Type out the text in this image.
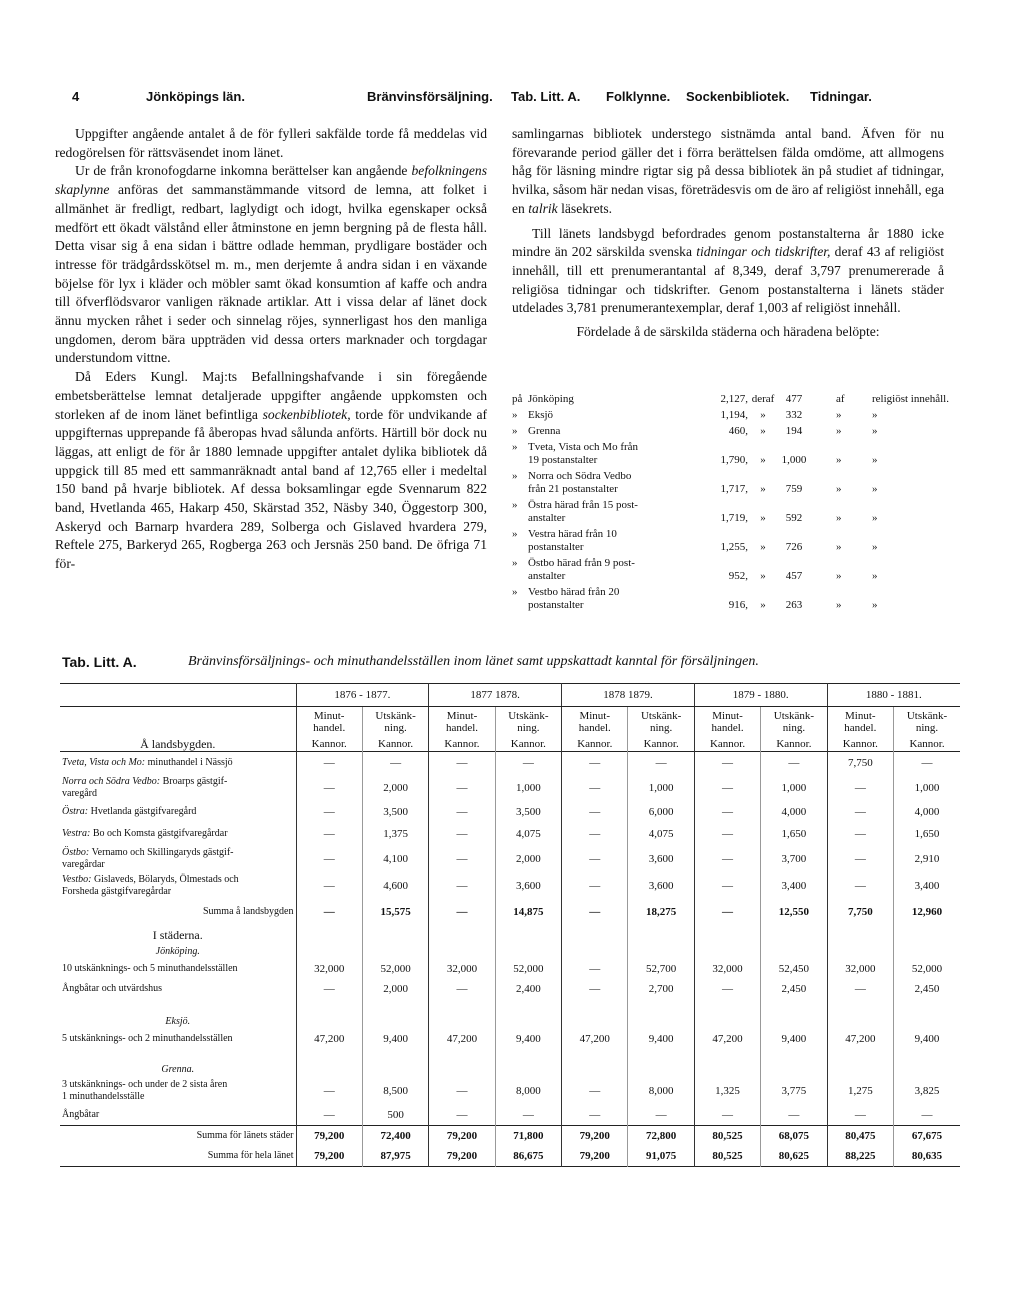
4	Jönköpings län.	Bränvinsförsäljning. Tab. Litt. A. Folklynne. Sockenbibliotek. Tidningar.

Uppgifter angående antalet å de för fylleri sakfälde torde få meddelas vid redogörelsen för rättsväsendet inom länet.

Ur de från kronofogdarne inkomna berättelser kan angående befolkningens skaplynne anföras det sammanstämmande vitsord de lemna, att folket i allmänhet är fredligt, redbart, laglydigt och idogt, hvilka egenskaper också medfört ett ökadt välstånd eller åtminstone en jemn bergning på de flesta håll. Detta visar sig å ena sidan i bättre odlade hemman, prydligare bostäder och intresse för trädgårdsskötsel m. m., men derjemte å andra sidan i en växande böjelse för lyx i kläder och möbler samt ökad konsumtion af kaffe och andra till öfverflödsvaror vanligen räknade artiklar. Att i vissa delar af länet dock ännu mycken råhet i seder och sinnelag röjes, synnerligast hos den manliga ungdomen, derom bära uppträden vid dessa orters marknader och torgdagar understundom vittne.

Då Eders Kungl. Maj:ts Befallningshafvande i sin föregående embetsberättelse lemnat detaljerade uppgifter angående uppkomsten och storleken af de inom länet befintliga sockenbibliotek, torde för undvikande af uppgifternas upprepande få åberopas hvad sålunda anförts. Härtill bör dock nu läggas, att enligt de för år 1880 lemnade uppgifter antalet dylika bibliotek då uppgick till 85 med ett sammanräknadt antal band af 12,765 eller i medeltal 150 band på hvarje bibliotek. Af dessa boksamlingar egde Svennarum 822 band, Hvetlanda 465, Hakarp 450, Skärstad 352, Näsby 340, Öggestorp 300, Askeryd och Barnarp hvardera 289, Solberga och Gislaved hvardera 279, Reftele 275, Barkeryd 265, Rogberga 263 och Jersnäs 250 band. De öfriga 71 för-

samlingarnas bibliotek understego sistnämda antal band. Äfven för nu förevarande period gäller det i förra berättelsen fälda omdöme, att allmogens håg för läsning mindre rigtar sig på dessa bibliotek än på studiet af tidningar, hvilka, såsom här nedan visas, företrädesvis om de äro af religiöst innehåll, ega en talrik läsekrets.

Till länets landsbygd befordrades genom postanstalterna år 1880 icke mindre än 202 särskilda svenska tidningar och tidskrifter, deraf 43 af religiöst innehåll, till ett prenumerantantal af 8,349, deraf 3,797 prenumererade å religiösa tidningar och tidskrifter. Genom postanstalterna i länets städer utdelades 3,781 prenumerantexemplar, deraf 1,003 af religiöst innehåll.

Fördelade å de särskilda städerna och häradena belöpte:

på Jönköping	2,127, deraf	477	af	religiöst innehåll.
» Eksjö	1,194,	»	332	»	»
» Grenna	460,	»	194	»	»
» Tveta, Vista och Mo från
19 postanstalter	1,790,	»	1,000	»	»
» Norra och Södra Vedbo
från 21 postanstalter	1,717,	»	759	»	»
» Östra härad från 15 post-
anstalter	1,719,	»	592	»	»
» Vestra härad från 10
postanstalter	1,255,	»	726	»	»
» Östbo härad från 9 post-
anstalter	952,	»	457	»	»
» Vestbo härad från 20
postanstalter	916,	»	263	»	»
Tab. Litt. A.	Bränvinsförsäljnings- och minuthandelsställen inom länet samt uppskattadt kanntal för försäljningen.
	1876 - 1877.		1877 1878.		1878 1879.		1879 - 1880.		1880 - 1881.	
	Minut-handel.	Utskänk-ning.	Minut-handel.	Utskänk-ning.	Minut-handel.	Utskänk-ning.	Minut-handel.	Utskänk-ning.	Minut-handel.	Utskänk-ning.
Å landsbygden.	Kannor.	Kannor.	Kannor.	Kannor.	Kannor.	Kannor.	Kannor.	Kannor.	Kannor.	Kannor.
Tveta, Vista och Mo: minuthandel i Nässjö	—	—	—	—	—	—	—	—	7,750	—
Norra och Södra Vedbo: Broarps gästgif-
varegård	—	2,000	—	1,000	—	1,000	—	1,000	—	1,000
Östra: Hvetlanda gästgifvaregård	—	3,500	—	3,500	—	6,000	—	4,000	—	4,000
Vestra: Bo och Komsta gästgifvaregårdar	—	1,375	—	4,075	—	4,075	—	1,650	—	1,650
Östbo: Vernamo och Skillingaryds gästgif-
varegårdar	—	4,100	—	2,000	—	3,600	—	3,700	—	2,910
Vestbo: Gislaveds, Bölaryds, Ölmestads och
Forsheda gästgifvaregårdar	—	4,600	—	3,600	—	3,600	—	3,400	—	3,400
Summa å landsbygden	—	15,575	—	14,875	—	18,275	—	12,550	7,750	12,960
I städerna.										
Jönköping.										
10 utskänknings- och 5 minuthandelsställen	32,000	52,000	32,000	52,000	—	52,700	32,000	52,450	32,000	52,000
Ångbåtar och utvärdshus	—	2,000	—	2,400	—	2,700	—	2,450	—	2,450

Eksjö.										
5 utskänknings- och 2 minuthandelsställen	47,200	9,400	47,200	9,400	47,200	9,400	47,200	9,400	47,200	9,400

Grenna.										
3 utskänknings- och under de 2 sista åren
1 minuthandelsställe	—	8,500	—	8,000	—	8,000	1,325	3,775	1,275	3,825
Ångbåtar	—	500	—	—	—	—	—	—	—	—
Summa för länets städer	79,200	72,400	79,200	71,800	79,200	72,800	80,525	68,075	80,475	67,675
Summa för hela länet	79,200	87,975	79,200	86,675	79,200	91,075	80,525	80,625	88,225	80,635
